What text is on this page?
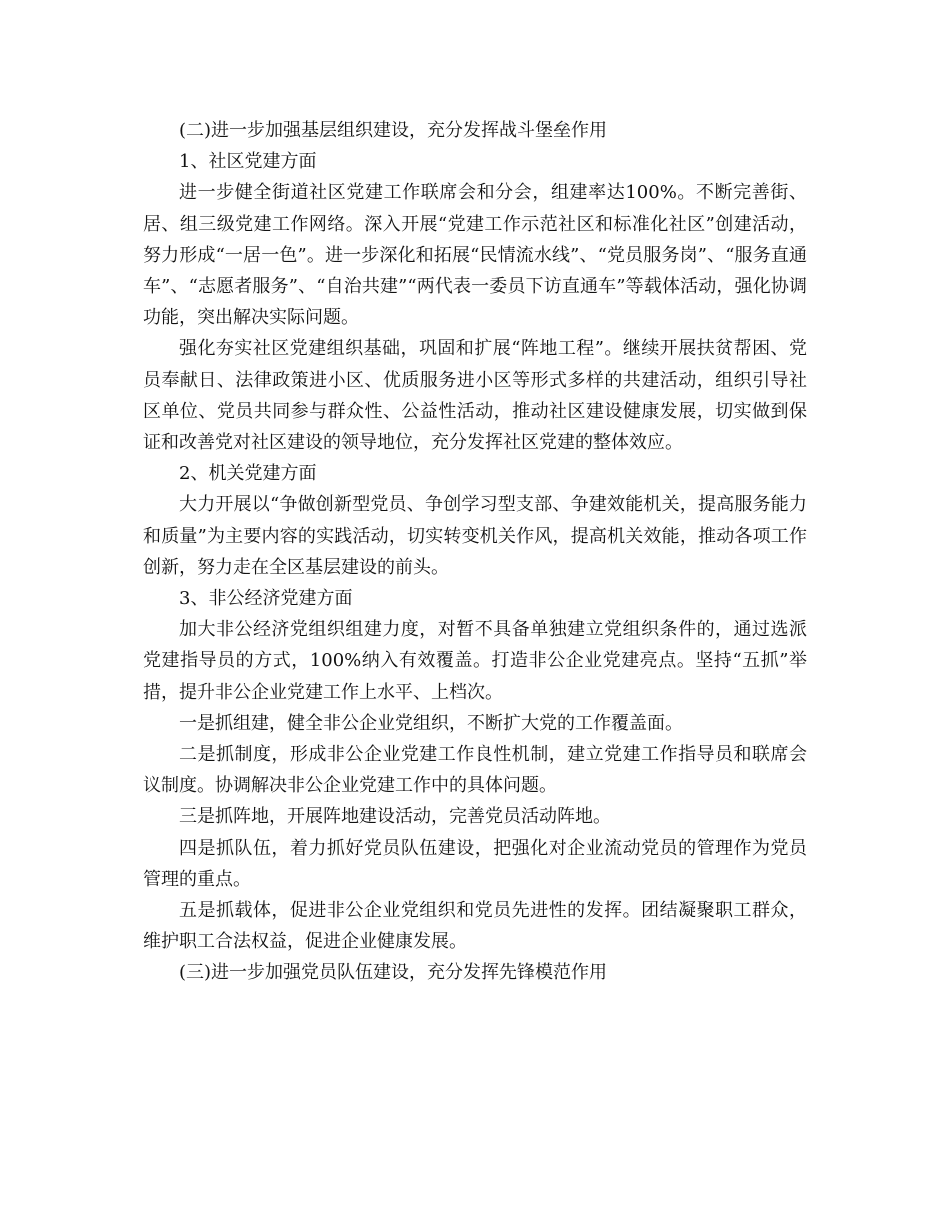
(二)进一步加强基层组织建设，充分发挥战斗堡垒作用

1、社区党建方面

进一步健全街道社区党建工作联席会和分会，组建率达100%。不断完善街、居、组三级党建工作网络。深入开展“党建工作示范社区和标准化社区”创建活动，努力形成“一居一色”。进一步深化和拓展“民情流水线”、“党员服务岗”、“服务直通车”、“志愿者服务”、“自治共建”“两代表一委员下访直通车”等载体活动，强化协调功能，突出解决实际问题。

强化夯实社区党建组织基础，巩固和扩展“阵地工程”。继续开展扶贫帮困、党员奉献日、法律政策进小区、优质服务进小区等形式多样的共建活动，组织引导社区单位、党员共同参与群众性、公益性活动，推动社区建设健康发展，切实做到保证和改善党对社区建设的领导地位，充分发挥社区党建的整体效应。

2、机关党建方面

大力开展以“争做创新型党员、争创学习型支部、争建效能机关，提高服务能力和质量”为主要内容的实践活动，切实转变机关作风，提高机关效能，推动各项工作创新，努力走在全区基层建设的前头。

3、非公经济党建方面

加大非公经济党组织组建力度，对暂不具备单独建立党组织条件的，通过选派党建指导员的方式，100%纳入有效覆盖。打造非公企业党建亮点。坚持“五抓”举措，提升非公企业党建工作上水平、上档次。

一是抓组建，健全非公企业党组织，不断扩大党的工作覆盖面。

二是抓制度，形成非公企业党建工作良性机制，建立党建工作指导员和联席会议制度。协调解决非公企业党建工作中的具体问题。

三是抓阵地，开展阵地建设活动，完善党员活动阵地。

四是抓队伍，着力抓好党员队伍建设，把强化对企业流动党员的管理作为党员管理的重点。

五是抓载体，促进非公企业党组织和党员先进性的发挥。团结凝聚职工群众，维护职工合法权益，促进企业健康发展。

(三)进一步加强党员队伍建设，充分发挥先锋模范作用
